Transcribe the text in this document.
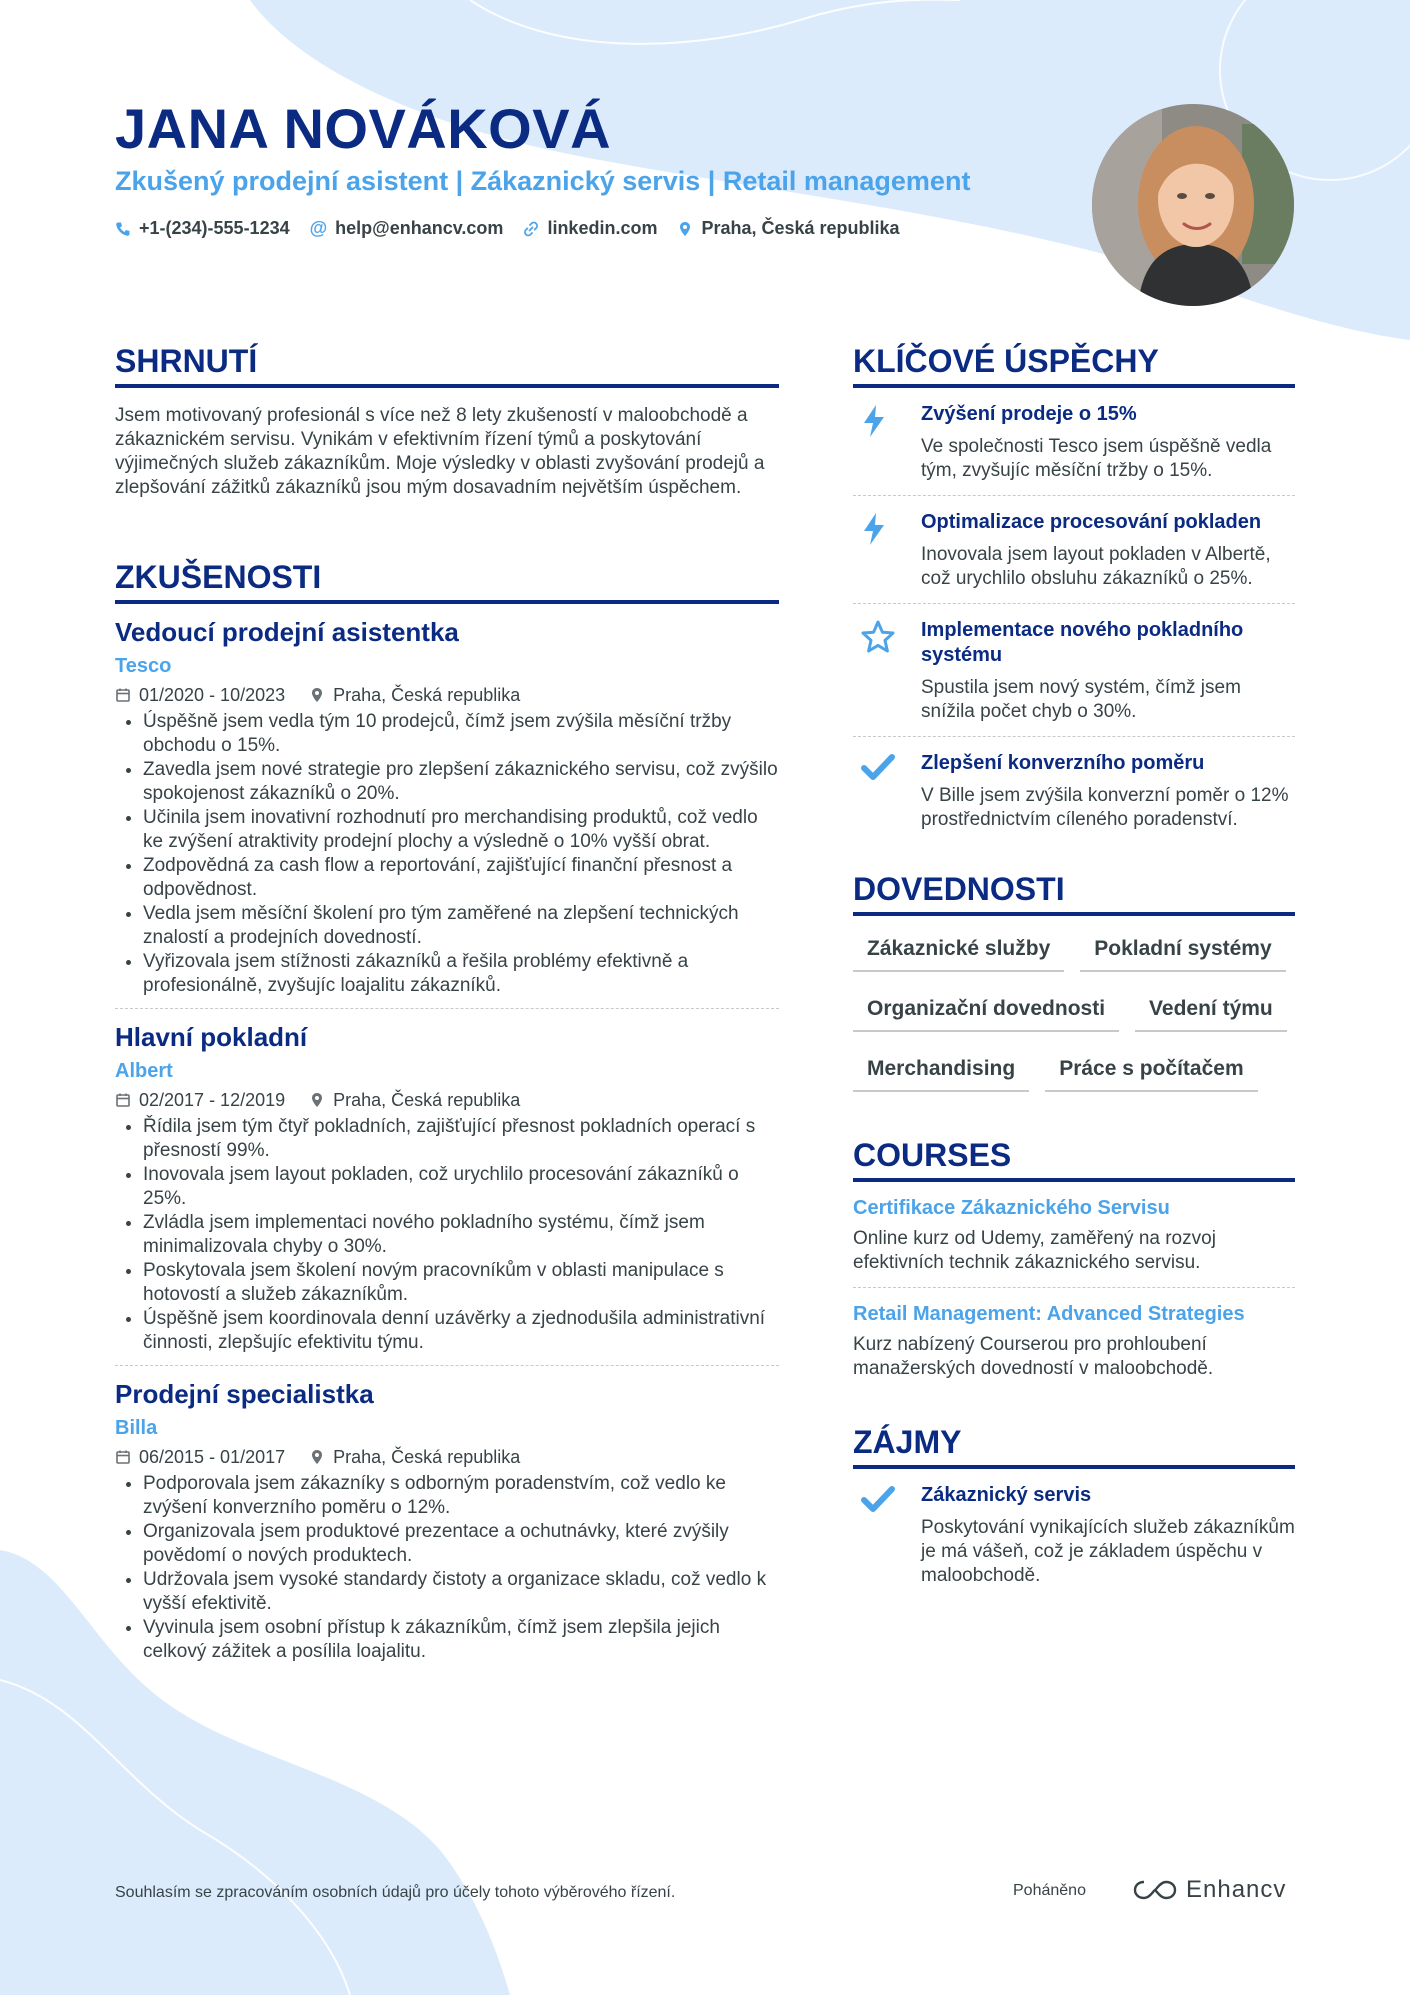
JANA NOVÁKOVÁ
Zkušený prodejní asistent | Zákaznický servis | Retail management
+1-(234)-555-1234 @ help@enhancv.com linkedin.com Praha, Česká republika
SHRNUTÍ

Jsem motivovaný profesionál s více než 8 lety zkušeností v maloobchodě a zákaznickém servisu. Vynikám v efektivním řízení týmů a poskytování výjimečných služeb zákazníkům. Moje výsledky v oblasti zvyšování prodejů a zlepšování zážitků zákazníků jsou mým dosavadním největším úspěchem.

ZKUŠENOSTI
Vedoucí prodejní asistentka
Tesco
01/2020 - 10/2023	Praha, Česká republika
• Úspěšně jsem vedla tým 10 prodejců, čímž jsem zvýšila měsíční tržby obchodu o 15%.
• Zavedla jsem nové strategie pro zlepšení zákaznického servisu, což zvýšilo spokojenost zákazníků o 20%.
• Učinila jsem inovativní rozhodnutí pro merchandising produktů, což vedlo ke zvýšení atraktivity prodejní plochy a výsledně o 10% vyšší obrat.
• Zodpovědná za cash flow a reportování, zajišťující finanční přesnost a odpovědnost.
• Vedla jsem měsíční školení pro tým zaměřené na zlepšení technických znalostí a prodejních dovedností.
• Vyřizovala jsem stížnosti zákazníků a řešila problémy efektivně a profesionálně, zvyšujíc loajalitu zákazníků.
Hlavní pokladní
Albert
02/2017 - 12/2019	Praha, Česká republika
• Řídila jsem tým čtyř pokladních, zajišťující přesnost pokladních operací s přesností 99%.
• Inovovala jsem layout pokladen, což urychlilo procesování zákazníků o 25%.
• Zvládla jsem implementaci nového pokladního systému, čímž jsem minimalizovala chyby o 30%.
• Poskytovala jsem školení novým pracovníkům v oblasti manipulace s hotovostí a služeb zákazníkům.
• Úspěšně jsem koordinovala denní uzávěrky a zjednodušila administrativní činnosti, zlepšujíc efektivitu týmu.
Prodejní specialistka
Billa
06/2015 - 01/2017	Praha, Česká republika
• Podporovala jsem zákazníky s odborným poradenstvím, což vedlo ke zvýšení konverzního poměru o 12%.
• Organizovala jsem produktové prezentace a ochutnávky, které zvýšily povědomí o nových produktech.
• Udržovala jsem vysoké standardy čistoty a organizace skladu, což vedlo k vyšší efektivitě.
• Vyvinula jsem osobní přístup k zákazníkům, čímž jsem zlepšila jejich celkový zážitek a posílila loajalitu.
KLÍČOVÉ ÚSPĚCHY
Zvýšení prodeje o 15%
Ve společnosti Tesco jsem úspěšně vedla tým, zvyšujíc měsíční tržby o 15%.
Optimalizace procesování pokladen
Inovovala jsem layout pokladen v Albertě, což urychlilo obsluhu zákazníků o 25%.
Implementace nového pokladního systému
Spustila jsem nový systém, čímž jsem snížila počet chyb o 30%.
Zlepšení konverzního poměru
V Bille jsem zvýšila konverzní poměr o 12% prostřednictvím cíleného poradenství.
DOVEDNOSTI
Zákaznické služby	Pokladní systémy
Organizační dovednosti	Vedení týmu
Merchandising	Práce s počítačem
COURSES
Certifikace Zákaznického Servisu
Online kurz od Udemy, zaměřený na rozvoj efektivních technik zákaznického servisu.
Retail Management: Advanced Strategies
Kurz nabízený Courserou pro prohloubení manažerských dovedností v maloobchodě.
ZÁJMY
Zákaznický servis
Poskytování vynikajících služeb zákazníkům je má vášeň, což je základem úspěchu v maloobchodě.
Souhlasím se zpracováním osobních údajů pro účely tohoto výběrového řízení.	Poháněno	Enhancv
